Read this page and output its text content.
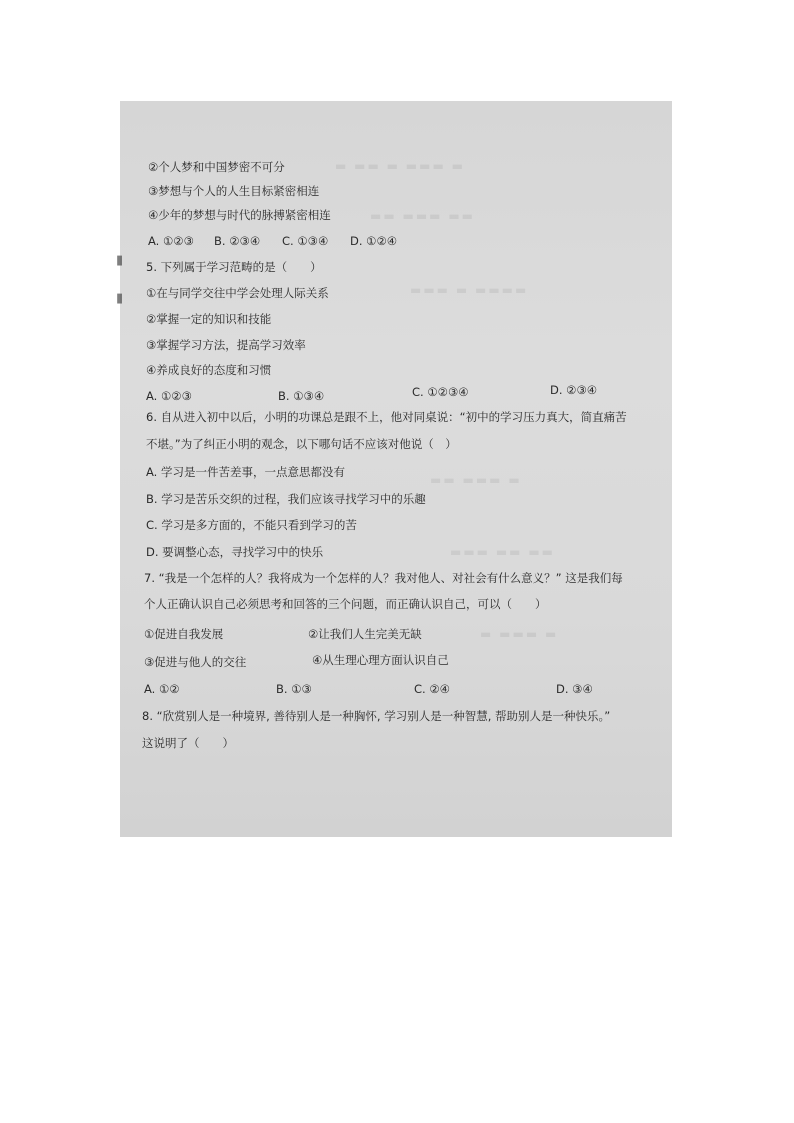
▬ ▬▬ ▬ ▬▬▬ ▬
▬▬ ▬▬▬ ▬▬
▬▬▬ ▬ ▬▬▬▬
▬▬ ▬▬▬ ▬
▬▬▬ ▬▬ ▬▬
▬ ▬▬▬ ▬
▮
▮
②个人梦和中国梦密不可分
③梦想与个人的人生目标紧密相连
④少年的梦想与时代的脉搏紧密相连
A. ①②③ B. ②③④ C. ①③④ D. ①②④
5. 下列属于学习范畴的是（　　）
①在与同学交往中学会处理人际关系
②掌握一定的知识和技能
③掌握学习方法，提高学习效率
④养成良好的态度和习惯
A. ①②③	B. ①③④	C. ①②③④	D. ②③④
6. 自从进入初中以后，小明的功课总是跟不上，他对同桌说：“初中的学习压力真大，简直痛苦
不堪。”为了纠正小明的观念，以下哪句话不应该对他说（　）
A. 学习是一件苦差事，一点意思都没有
B. 学习是苦乐交织的过程，我们应该寻找学习中的乐趣
C. 学习是多方面的，不能只看到学习的苦
D. 要调整心态，寻找学习中的快乐
7. “我是一个怎样的人？我将成为一个怎样的人？我对他人、对社会有什么意义？” 这是我们每
个人正确认识自己必须思考和回答的三个问题，而正确认识自己，可以（　　）
①促进自我发展	②让我们人生完美无缺
③促进与他人的交往	④从生理心理方面认识自己
A. ①②	B. ①③	C. ②④	D. ③④
8. “欣赏别人是一种境界, 善待别人是一种胸怀, 学习别人是一种智慧, 帮助别人是一种快乐。”
这说明了（　　）
